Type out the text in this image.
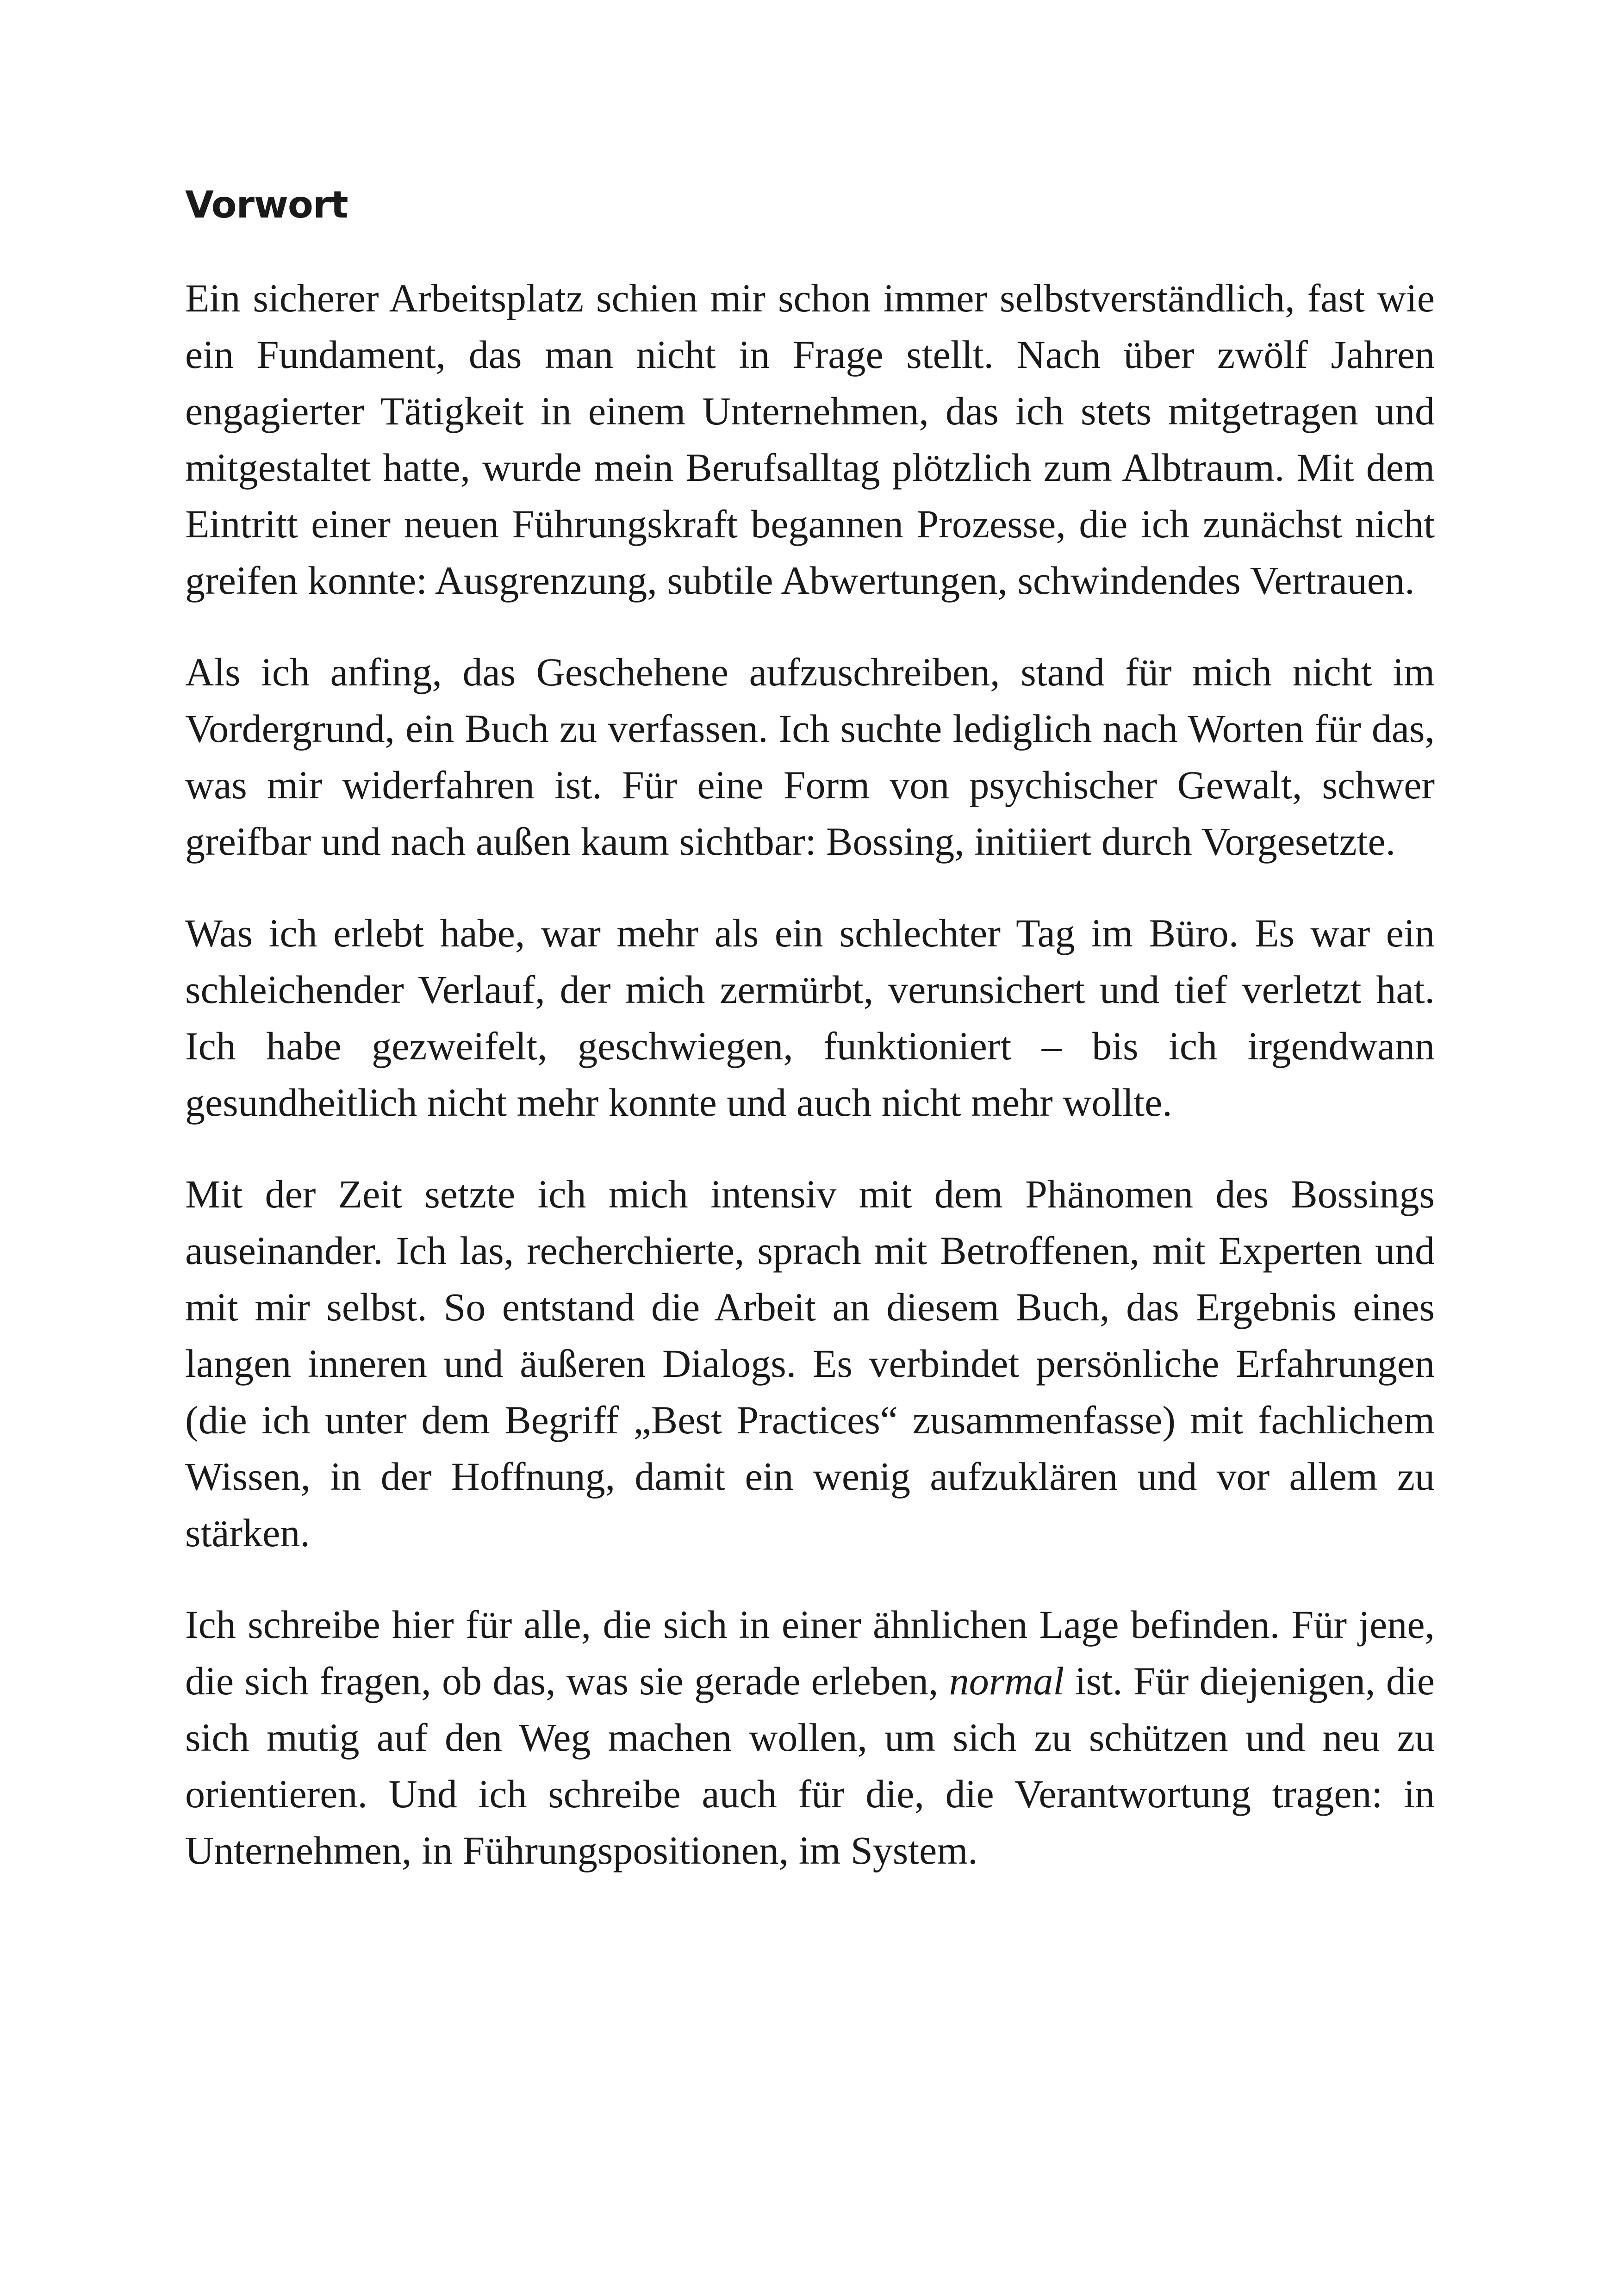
Vorwort

Ein sicherer Arbeitsplatz schien mir schon immer selbstverständlich, fast wie ein Fundament, das man nicht in Frage stellt. Nach über zwölf Jahren engagierter Tätigkeit in einem Unternehmen, das ich stets mitgetragen und mitgestaltet hatte, wurde mein Berufsalltag plötzlich zum Albtraum. Mit dem Eintritt einer neuen Führungskraft begannen Prozesse, die ich zunächst nicht greifen konnte: Ausgrenzung, subtile Abwertungen, schwindendes Vertrauen.

Als ich anfing, das Geschehene aufzuschreiben, stand für mich nicht im Vordergrund, ein Buch zu verfassen. Ich suchte lediglich nach Worten für das, was mir widerfahren ist. Für eine Form von psychischer Gewalt, schwer greifbar und nach außen kaum sichtbar: Bossing, initiiert durch Vorgesetzte.

Was ich erlebt habe, war mehr als ein schlechter Tag im Büro. Es war ein schleichender Verlauf, der mich zermürbt, verunsichert und tief verletzt hat. Ich habe gezweifelt, geschwiegen, funktioniert – bis ich irgendwann gesundheitlich nicht mehr konnte und auch nicht mehr wollte.

Mit der Zeit setzte ich mich intensiv mit dem Phänomen des Bossings auseinander. Ich las, recherchierte, sprach mit Betroffenen, mit Experten und mit mir selbst. So entstand die Arbeit an diesem Buch, das Ergebnis eines langen inneren und äußeren Dialogs. Es verbindet persönliche Erfahrungen (die ich unter dem Begriff „Best Practices“ zusammenfasse) mit fachlichem Wissen, in der Hoffnung, damit ein wenig aufzuklären und vor allem zu stärken.

Ich schreibe hier für alle, die sich in einer ähnlichen Lage befinden. Für jene, die sich fragen, ob das, was sie gerade erleben, normal ist. Für diejenigen, die sich mutig auf den Weg machen wollen, um sich zu schützen und neu zu orientieren. Und ich schreibe auch für die, die Verantwortung tragen: in Unternehmen, in Führungspositionen, im System.
